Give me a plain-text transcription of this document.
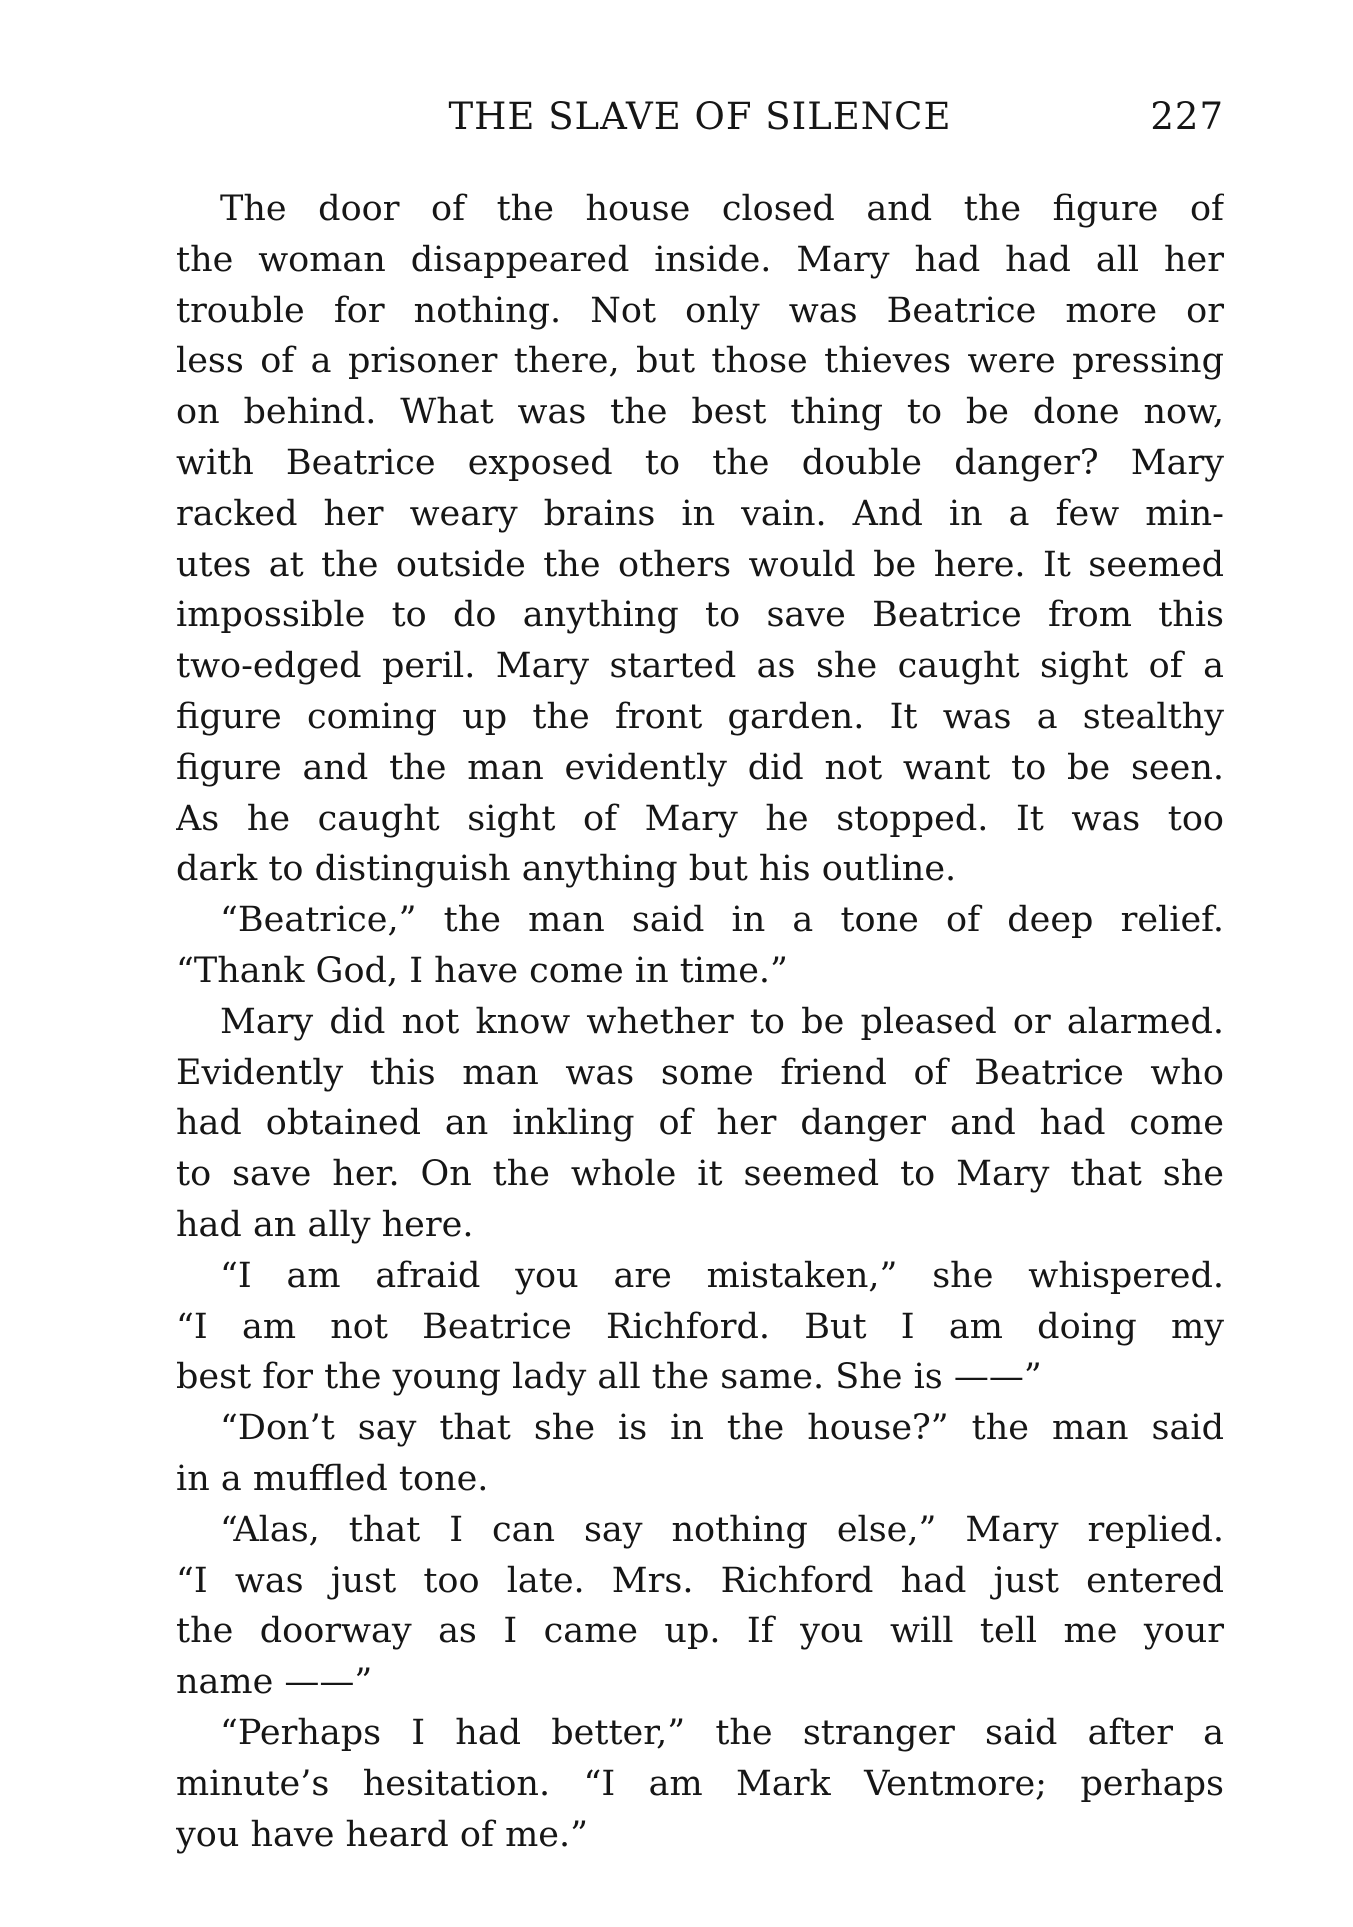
THE SLAVE OF SILENCE	227
The door of the house closed and the figure of
the woman disappeared inside. Mary had had all her
trouble for nothing. Not only was Beatrice more or
less of a prisoner there, but those thieves were pressing
on behind. What was the best thing to be done now,
with Beatrice exposed to the double danger? Mary
racked her weary brains in vain. And in a few min-
utes at the outside the others would be here. It seemed
impossible to do anything to save Beatrice from this
two-edged peril. Mary started as she caught sight of a
figure coming up the front garden. It was a stealthy
figure and the man evidently did not want to be seen.
As he caught sight of Mary he stopped. It was too
dark to distinguish anything but his outline.
“Beatrice,” the man said in a tone of deep relief.
“Thank God, I have come in time.”
Mary did not know whether to be pleased or alarmed.
Evidently this man was some friend of Beatrice who
had obtained an inkling of her danger and had come
to save her. On the whole it seemed to Mary that she
had an ally here.
“I am afraid you are mistaken,” she whispered.
“I am not Beatrice Richford. But I am doing my
best for the young lady all the same. She is ——”
“Don’t say that she is in the house?” the man said
in a muffled tone.
“Alas, that I can say nothing else,” Mary replied.
“I was just too late. Mrs. Richford had just entered
the doorway as I came up. If you will tell me your
name ——”
“Perhaps I had better,” the stranger said after a
minute’s hesitation. “I am Mark Ventmore; perhaps
you have heard of me.”
